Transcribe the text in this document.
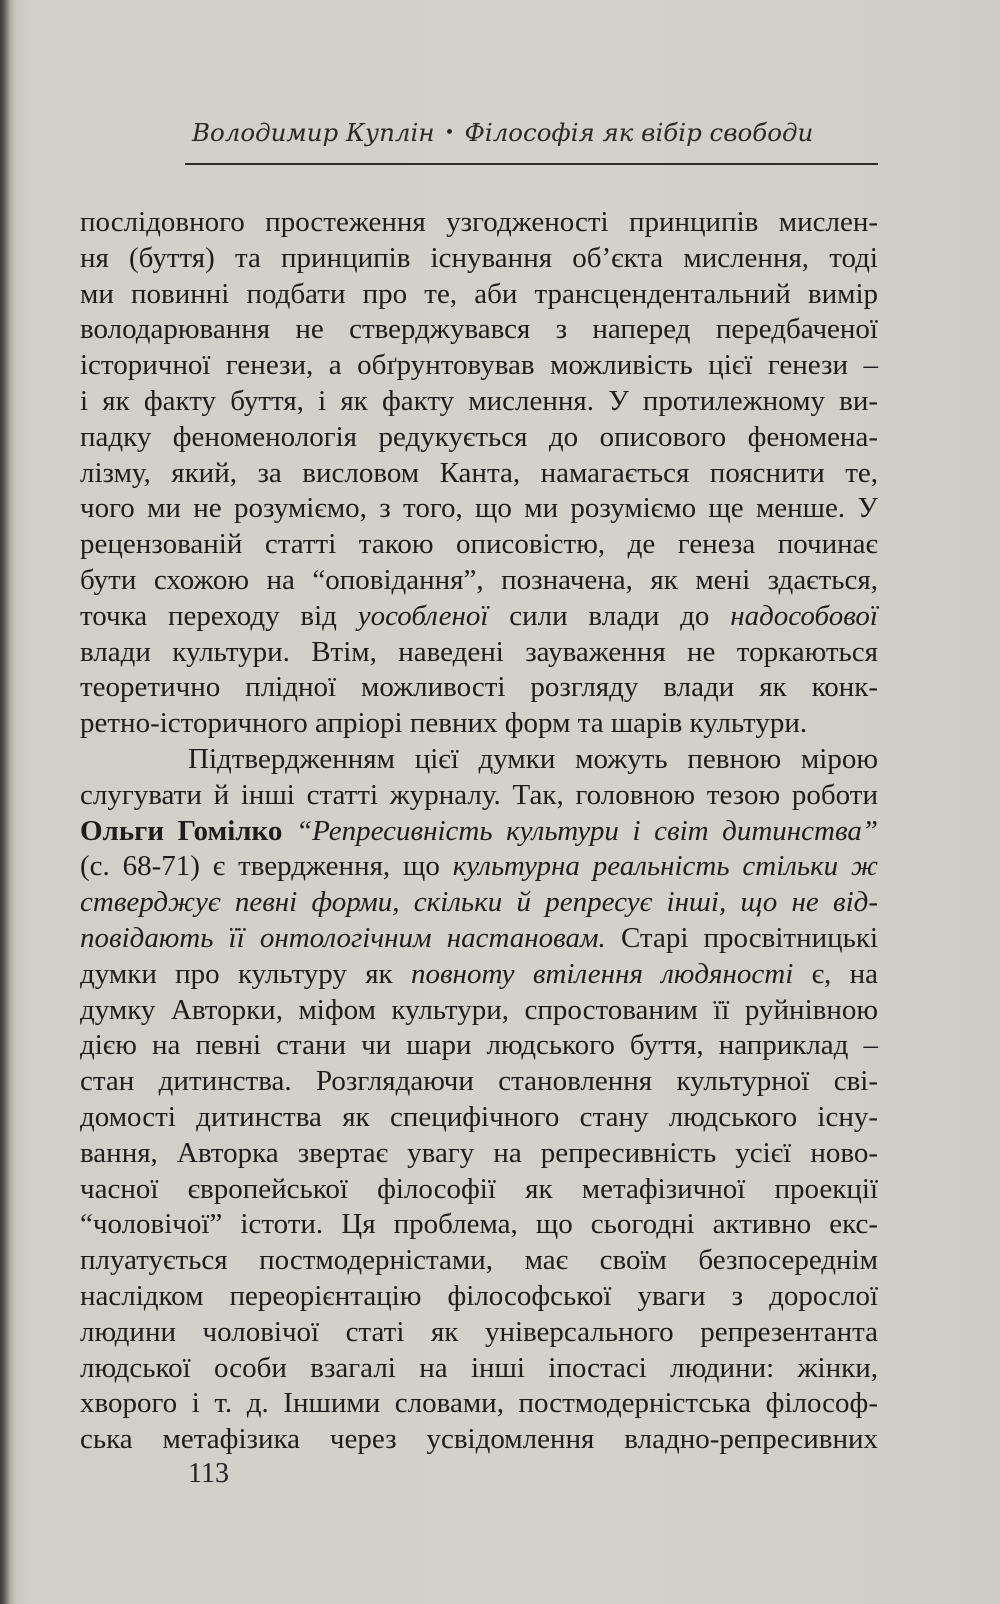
Володимир Куплін • Філософія як вібір свободи
послідовного простеження узгодженості принципів мислен-
ня (буття) та принципів існування об’єкта мислення, тоді
ми повинні подбати про те, аби трансцендентальний вимір
володарювання не стверджувався з наперед передбаченої
історичної генези, а обґрунтовував можливість цієї генези –
і як факту буття, і як факту мислення. У протилежному ви-
падку феноменологія редукується до описового феномена-
лізму, який, за висловом Канта, намагається пояснити те,
чого ми не розуміємо, з того, що ми розуміємо ще менше. У
рецензованій статті такою описовістю, де генеза починає
бути схожою на “оповідання”, позначена, як мені здається,
точка переходу від уособленої сили влади до надособової
влади культури. Втім, наведені зауваження не торкаються
теоретично плідної можливості розгляду влади як конк-
ретно-історичного апріорі певних форм та шарів культури.
Підтвердженням цієї думки можуть певною мірою
слугувати й інші статті журналу. Так, головною тезою роботи
Ольги Гомілко “Репресивність культури і світ дитинства”
(с. 68-71) є твердження, що культурна реальність стільки ж
стверджує певні форми, скільки й репресує інші, що не від-
повідають її онтологічним настановам. Старі просвітницькі
думки про культуру як повноту втілення людяності є, на
думку Авторки, міфом культури, спростованим її руйнівною
дією на певні стани чи шари людського буття, наприклад –
стан дитинства. Розглядаючи становлення культурної сві-
домості дитинства як специфічного стану людського існу-
вання, Авторка звертає увагу на репресивність усієї ново-
часної європейської філософії як метафізичної проекції
“чоловічої” істоти. Ця проблема, що сьогодні активно екс-
плуатується постмодерністами, має своїм безпосереднім
наслідком переорієнтацію філософської уваги з дорослої
людини чоловічої статі як універсального репрезентанта
людської особи взагалі на інші іпостасі людини: жінки,
хворого і т. д. Іншими словами, постмодерністська філософ-
ська метафізика через усвідомлення владно-репресивних
113
